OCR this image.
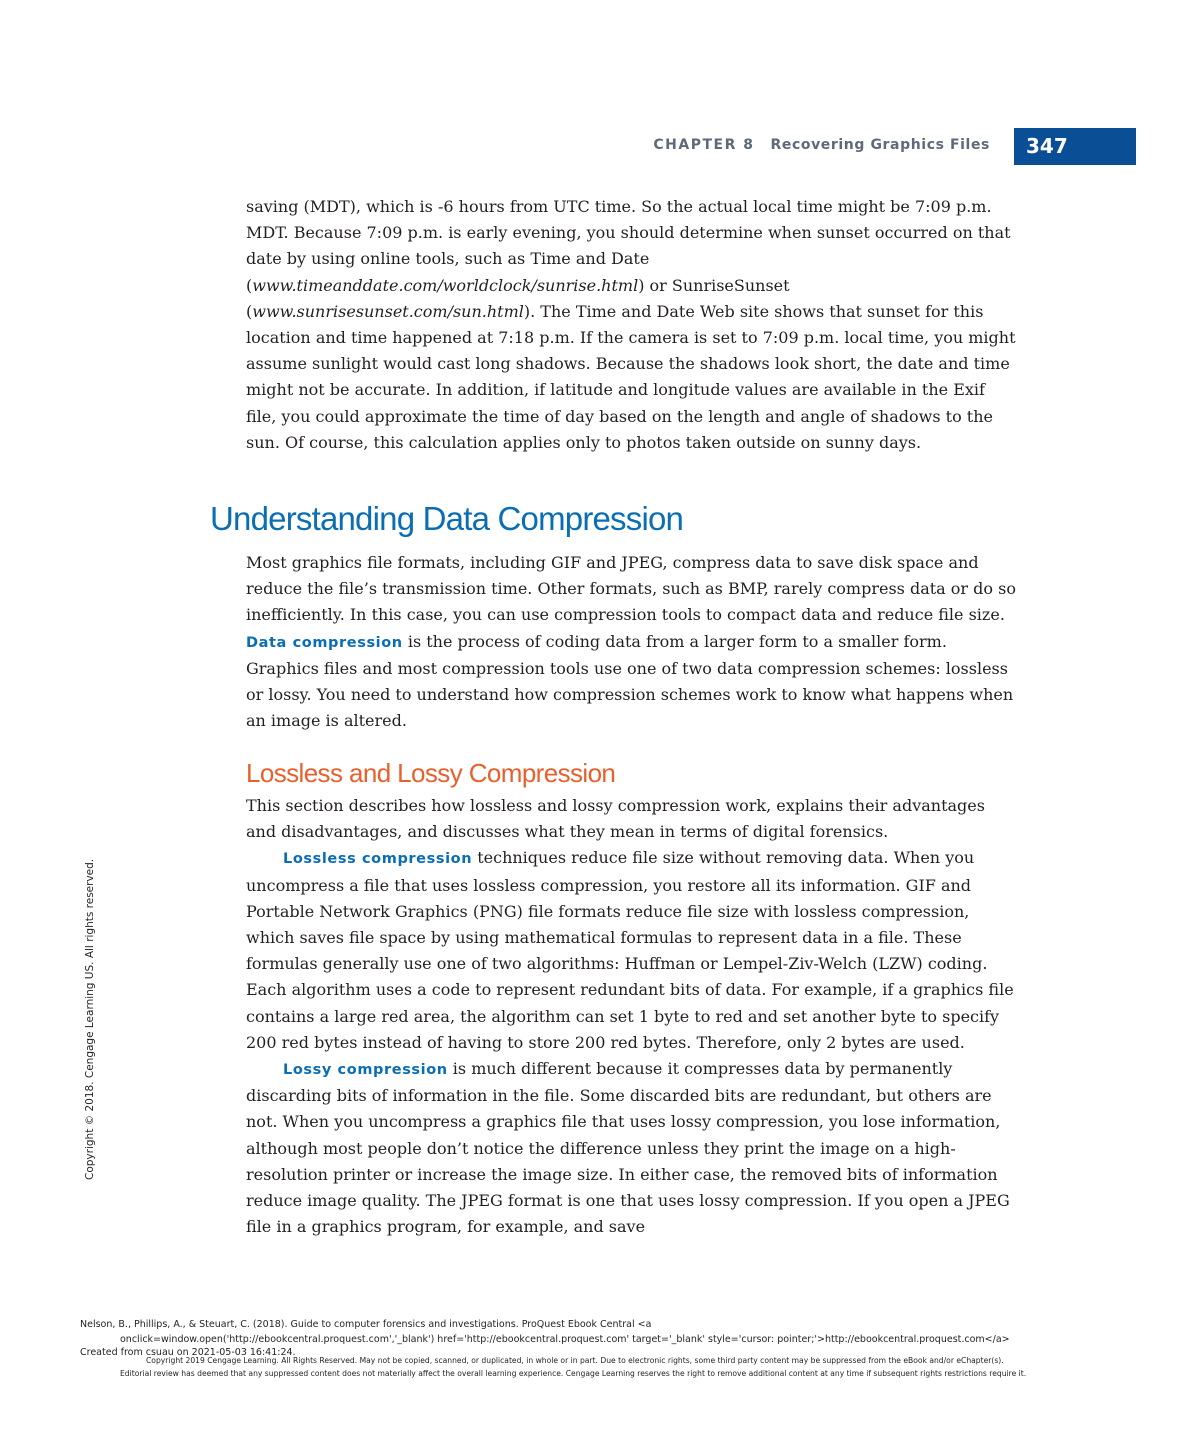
CHAPTER 8 Recovering Graphics Files	347
saving (MDT), which is -6 hours from UTC time. So the actual local time might be 7:09 p.m. MDT. Because 7:09 p.m. is early evening, you should determine when sunset occurred on that date by using online tools, such as Time and Date (www.timeanddate.com/worldclock/sunrise.html) or SunriseSunset (www.sunrisesunset.com/sun.html). The Time and Date Web site shows that sunset for this location and time happened at 7:18 p.m. If the camera is set to 7:09 p.m. local time, you might assume sunlight would cast long shadows. Because the shadows look short, the date and time might not be accurate. In addition, if latitude and longitude values are available in the Exif file, you could approximate the time of day based on the length and angle of shadows to the sun. Of course, this calculation applies only to photos taken outside on sunny days.
Understanding Data Compression
Most graphics file formats, including GIF and JPEG, compress data to save disk space and reduce the file’s transmission time. Other formats, such as BMP, rarely compress data or do so inefficiently. In this case, you can use compression tools to compact data and reduce file size. Data compression is the process of coding data from a larger form to a smaller form. Graphics files and most compression tools use one of two data compression schemes: lossless or lossy. You need to understand how compression schemes work to know what happens when an image is altered.
Lossless and Lossy Compression
This section describes how lossless and lossy compression work, explains their advantages and disadvantages, and discusses what they mean in terms of digital forensics.
Lossless compression techniques reduce file size without removing data. When you uncompress a file that uses lossless compression, you restore all its information. GIF and Portable Network Graphics (PNG) file formats reduce file size with lossless compression, which saves file space by using mathematical formulas to represent data in a file. These formulas generally use one of two algorithms: Huffman or Lempel-Ziv-Welch (LZW) coding. Each algorithm uses a code to represent redundant bits of data. For example, if a graphics file contains a large red area, the algorithm can set 1 byte to red and set another byte to specify 200 red bytes instead of having to store 200 red bytes. Therefore, only 2 bytes are used.
Lossy compression is much different because it compresses data by permanently discarding bits of information in the file. Some discarded bits are redundant, but others are not. When you uncompress a graphics file that uses lossy compression, you lose information, although most people don’t notice the difference unless they print the image on a high-resolution printer or increase the image size. In either case, the removed bits of information reduce image quality. The JPEG format is one that uses lossy compression. If you open a JPEG file in a graphics program, for example, and save
Copyright © 2018. Cengage Learning US. All rights reserved.
Nelson, B., Phillips, A., & Steuart, C. (2018). Guide to computer forensics and investigations. ProQuest Ebook Central <a
onclick=window.open('http://ebookcentral.proquest.com','_blank') href='http://ebookcentral.proquest.com' target='_blank' style='cursor: pointer;'>http://ebookcentral.proquest.com</a>
Created from csuau on 2021-05-03 16:41:24.
Copyright 2019 Cengage Learning. All Rights Reserved. May not be copied, scanned, or duplicated, in whole or in part. Due to electronic rights, some third party content may be suppressed from the eBook and/or eChapter(s).
Editorial review has deemed that any suppressed content does not materially affect the overall learning experience. Cengage Learning reserves the right to remove additional content at any time if subsequent rights restrictions require it.
